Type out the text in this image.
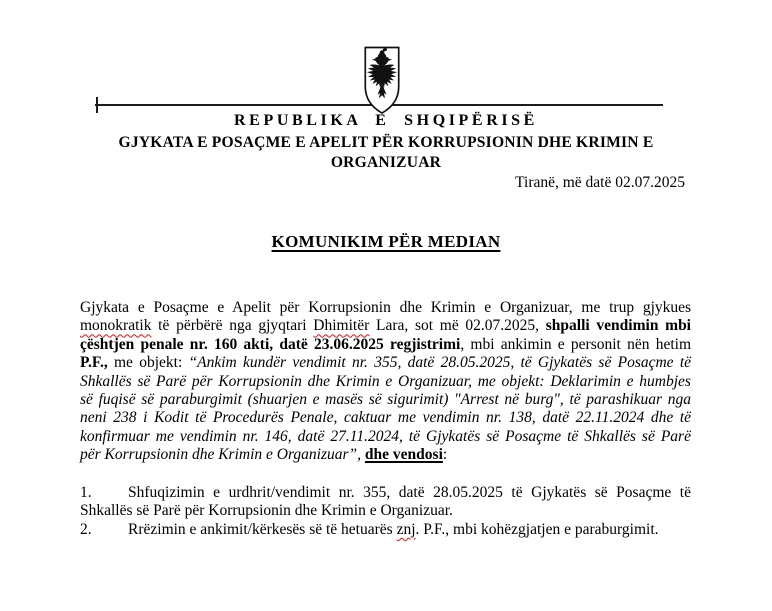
REPUBLIKA E SHQIPËRISË
GJYKATA E POSAÇME E APELIT PËR KORRUPSIONIN DHE KRIMIN E
ORGANIZUAR
Tiranë, më datë 02.07.2025
KOMUNIKIM PËR MEDIAN
Gjykata e Posaçme e Apelit për Korrupsionin dhe Krimin e Organizuar, me trup gjykues
monokratik të përbërë nga gjyqtari Dhimitër Lara, sot më 02.07.2025, shpalli vendimin mbi
çështjen penale nr. 160 akti, datë 23.06.2025 regjistrimi, mbi ankimin e personit nën hetim
P.F., me objekt: “Ankim kundër vendimit nr. 355, datë 28.05.2025, të Gjykatës së Posaçme të
Shkallës së Parë për Korrupsionin dhe Krimin e Organizuar, me objekt: Deklarimin e humbjes
së fuqisë së paraburgimit (shuarjen e masës së sigurimit) "Arrest në burg", të parashikuar nga
neni 238 i Kodit të Procedurës Penale, caktuar me vendimin nr. 138, datë 22.11.2024 dhe të
konfirmuar me vendimin nr. 146, datë 27.11.2024, të Gjykatës së Posaçme të Shkallës së Parë
për Korrupsionin dhe Krimin e Organizuar”, dhe vendosi:
1. Shfuqizimin e urdhrit/vendimit nr. 355, datë 28.05.2025 të Gjykatës së Posaçme të
Shkallës së Parë për Korrupsionin dhe Krimin e Organizuar.
2. Rrëzimin e ankimit/kërkesës së të hetuarës znj. P.F., mbi kohëzgjatjen e paraburgimit.
